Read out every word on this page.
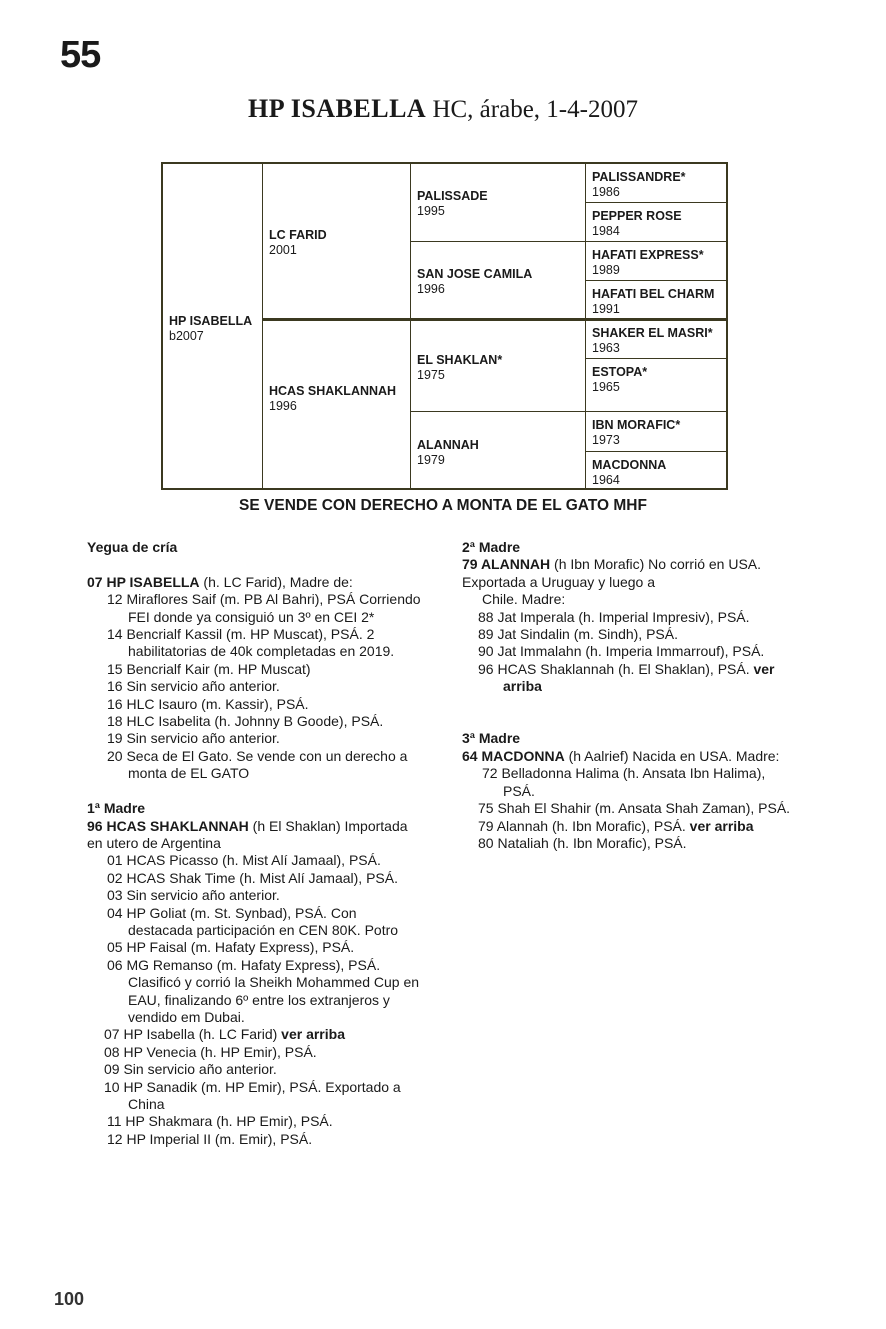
55
HP ISABELLA HC, árabe, 1-4-2007
HP ISABELLA
b2007
LC FARID
2001
HCAS SHAKLANNAH
1996
PALISSADE
1995
SAN JOSE CAMILA
1996
EL SHAKLAN*
1975
ALANNAH
1979
PALISSANDRE*
1986
PEPPER ROSE
1984
HAFATI EXPRESS*
1989
HAFATI BEL CHARM
1991
SHAKER EL MASRI*
1963
ESTOPA*
1965
IBN MORAFIC*
1973
MACDONNA
1964
SE VENDE CON DERECHO A MONTA DE EL GATO MHF
Yegua de cría

07 HP ISABELLA (h. LC Farid), Madre de:
12 Miraflores Saif (m. PB Al Bahri), PSÁ Corriendo
FEI donde ya consiguió un 3º en CEI 2*
14 Bencrialf Kassil (m. HP Muscat), PSÁ. 2
habilitatorias de 40k completadas en 2019.
15 Bencrialf Kair (m. HP Muscat)
16 Sin servicio año anterior.
16 HLC Isauro (m. Kassir), PSÁ.
18 HLC Isabelita (h. Johnny B Goode), PSÁ.
19 Sin servicio año anterior.
20 Seca de El Gato. Se vende con un derecho a
monta de EL GATO

1ª Madre
96 HCAS SHAKLANNAH (h El Shaklan) Importada
en utero de Argentina
01 HCAS Picasso (h. Mist Alí Jamaal), PSÁ.
02 HCAS Shak Time (h. Mist Alí Jamaal), PSÁ.
03 Sin servicio año anterior.
04 HP Goliat (m. St. Synbad), PSÁ. Con
destacada participación en CEN 80K. Potro
05 HP Faisal (m. Hafaty Express), PSÁ.
06 MG Remanso (m. Hafaty Express), PSÁ.
Clasificó y corrió la Sheikh Mohammed Cup en
EAU, finalizando 6º entre los extranjeros y
vendido em Dubai.
07 HP Isabella (h. LC Farid) ver arriba
08 HP Venecia (h. HP Emir), PSÁ.
09 Sin servicio año anterior.
10 HP Sanadik (m. HP Emir), PSÁ. Exportado a
China
11 HP Shakmara (h. HP Emir), PSÁ.
12 HP Imperial II (m. Emir), PSÁ.
2ª Madre
79 ALANNAH (h Ibn Morafic) No corrió en USA.
Exportada a Uruguay y luego a
Chile. Madre:
88 Jat Imperala (h. Imperial Impresiv), PSÁ.
89 Jat Sindalin (m. Sindh), PSÁ.
90 Jat Immalahn (h. Imperia Immarrouf), PSÁ.
96 HCAS Shaklannah (h. El Shaklan), PSÁ. ver
arriba

3ª Madre
64 MACDONNA (h Aalrief) Nacida en USA. Madre:
72 Belladonna Halima (h. Ansata Ibn Halima),
PSÁ.
75 Shah El Shahir (m. Ansata Shah Zaman), PSÁ.
79 Alannah (h. Ibn Morafic), PSÁ. ver arriba
80 Nataliah (h. Ibn Morafic), PSÁ.
100
